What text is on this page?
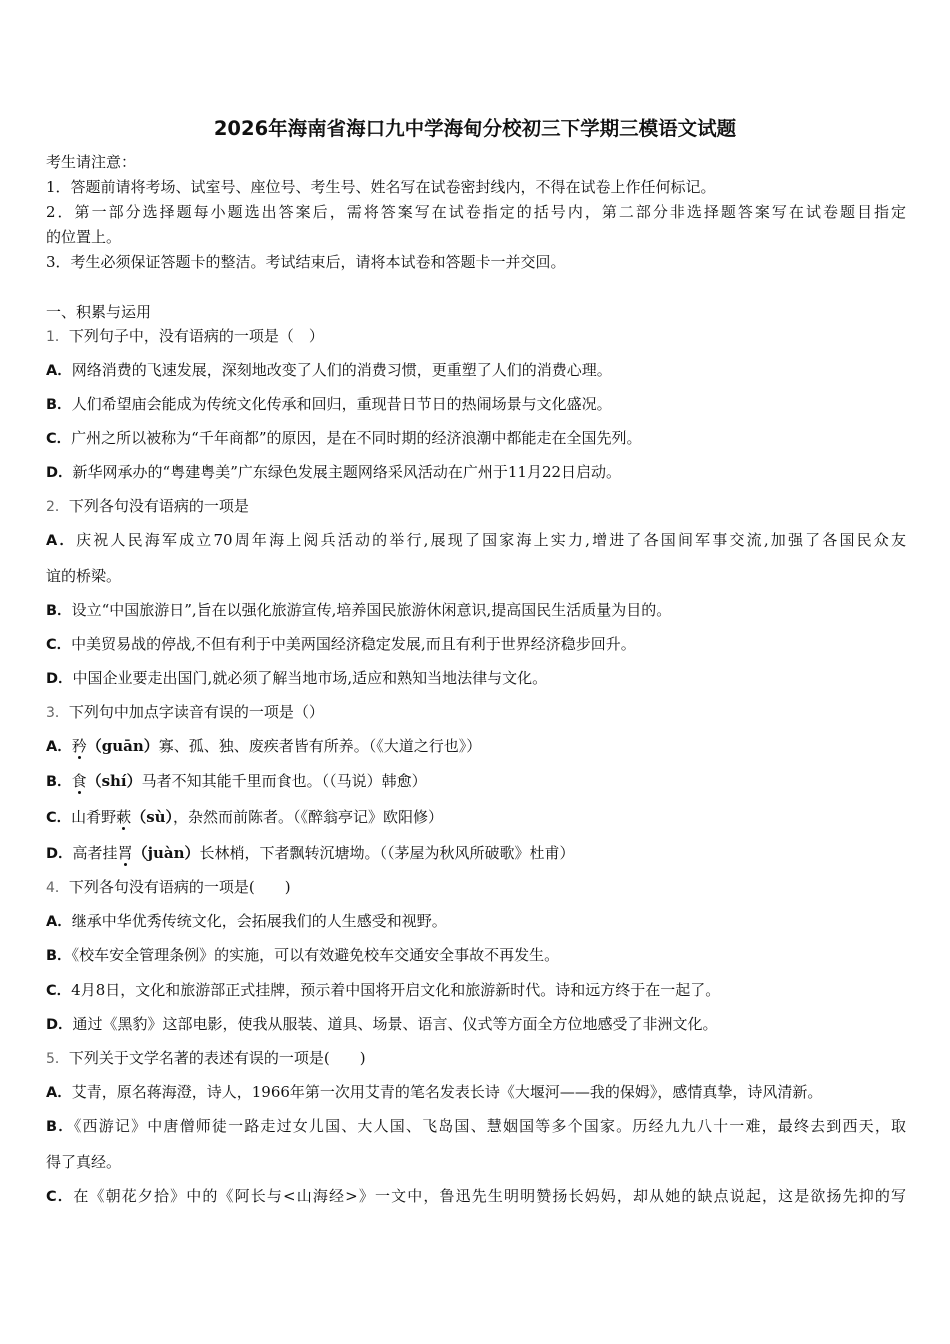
2026年海南省海口九中学海甸分校初三下学期三模语文试题
考生请注意：
1．答题前请将考场、试室号、座位号、考生号、姓名写在试卷密封线内，不得在试卷上作任何标记。
2．第一部分选择题每小题选出答案后，需将答案写在试卷指定的括号内，第二部分非选择题答案写在试卷题目指定
的位置上。
3．考生必须保证答题卡的整洁。考试结束后，请将本试卷和答题卡一并交回。
一、积累与运用
1．下列句子中，没有语病的一项是（　）
A．网络消费的飞速发展，深刻地改变了人们的消费习惯，更重塑了人们的消费心理。
B．人们希望庙会能成为传统文化传承和回归，重现昔日节日的热闹场景与文化盛况。
C．广州之所以被称为“千年商都”的原因，是在不同时期的经济浪潮中都能走在全国先列。
D．新华网承办的“粤建粤美”广东绿色发展主题网络采风活动在广州于11月22日启动。
2．下列各句没有语病的一项是
A．庆祝人民海军成立70周年海上阅兵活动的举行,展现了国家海上实力,增进了各国间军事交流,加强了各国民众友
谊的桥梁。
B．设立“中国旅游日”,旨在以强化旅游宣传,培养国民旅游休闲意识,提高国民生活质量为目的。
C．中美贸易战的停战,不但有利于中美两国经济稳定发展,而且有利于世界经济稳步回升。
D．中国企业要走出国门,就必须了解当地市场,适应和熟知当地法律与文化。
3．下列句中加点字读音有误的一项是（）
A．矜（guān）寡、孤、独、废疾者皆有所养。（《大道之行也》）
B．食（shí）马者不知其能千里而食也。（（马说）韩愈）
C．山肴野蔌（sù），杂然而前陈者。（《醉翁亭记》欧阳修）
D．高者挂罥（juàn）长林梢，下者飘转沉塘坳。（（茅屋为秋风所破歌》杜甫）
4．下列各句没有语病的一项是(　　)
A．继承中华优秀传统文化，会拓展我们的人生感受和视野。
B．《校车安全管理条例》的实施，可以有效避免校车交通安全事故不再发生。
C．4月8日，文化和旅游部正式挂牌，预示着中国将开启文化和旅游新时代。诗和远方终于在一起了。
D．通过《黑豹》这部电影，使我从服装、道具、场景、语言、仪式等方面全方位地感受了非洲文化。
5．下列关于文学名著的表述有误的一项是(　　)
A．艾青，原名蒋海澄，诗人，1966年第一次用艾青的笔名发表长诗《大堰河——我的保姆》，感情真挚，诗风清新。
B．《西游记》中唐僧师徒一路走过女儿国、大人国、飞岛国、慧姻国等多个国家。历经九九八十一难，最终去到西天，取
得了真经。
C．在《朝花夕拾》中的《阿长与<山海经>》一文中，鲁迅先生明明赞扬长妈妈，却从她的缺点说起，这是欲扬先抑的写
